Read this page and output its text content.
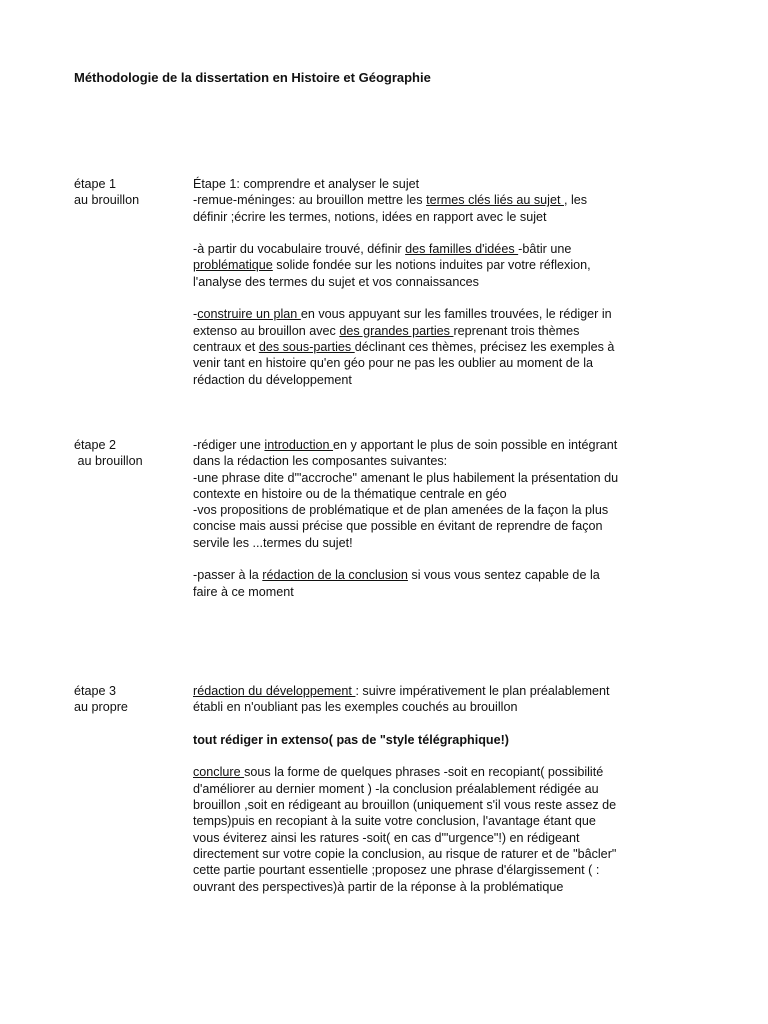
Méthodologie de la dissertation en Histoire et Géographie
étape 1
au brouillon

Étape 1: comprendre et analyser le sujet

-remue-méninges: au brouillon mettre les termes clés liés au sujet , les définir ;écrire les termes, notions, idées en rapport avec le sujet

-à partir du vocabulaire trouvé, définir des familles d'idées -bâtir une problématique solide fondée sur les notions induites par votre réflexion, l'analyse des termes du sujet et vos connaissances

-construire un plan en vous appuyant sur les familles trouvées, le rédiger in extenso au brouillon avec des grandes parties reprenant trois thèmes centraux et des sous-parties déclinant ces thèmes, précisez les exemples à venir tant en histoire qu'en géo pour ne pas les oublier au moment de la rédaction du développement

étape 2
au brouillon

-rédiger une introduction en y apportant le plus de soin possible en intégrant dans la rédaction les composantes suivantes:

-une phrase dite d'"accroche" amenant le plus habilement la présentation du contexte en histoire ou de la thématique centrale en géo

-vos propositions de problématique et de plan amenées de la façon la plus concise mais aussi précise que possible en évitant de reprendre de façon servile les ...termes du sujet!

-passer à la rédaction de la conclusion si vous vous sentez capable de la faire à ce moment

étape 3
au propre

rédaction du développement : suivre impérativement le plan préalablement établi en n'oubliant pas les exemples couchés au brouillon

tout rédiger in extenso( pas de "style télégraphique!)

conclure sous la forme de quelques phrases -soit en recopiant( possibilité d'améliorer au dernier moment ) -la conclusion préalablement rédigée au brouillon ,soit en rédigeant au brouillon (uniquement s'il vous reste assez de temps)puis en recopiant à la suite votre conclusion, l'avantage étant que vous éviterez ainsi les ratures -soit( en cas d'"urgence"!) en rédigeant directement sur votre copie la conclusion, au risque de raturer et de "bâcler" cette partie pourtant essentielle ;proposez une phrase d'élargissement ( : ouvrant des perspectives)à partir de la réponse à la problématique
